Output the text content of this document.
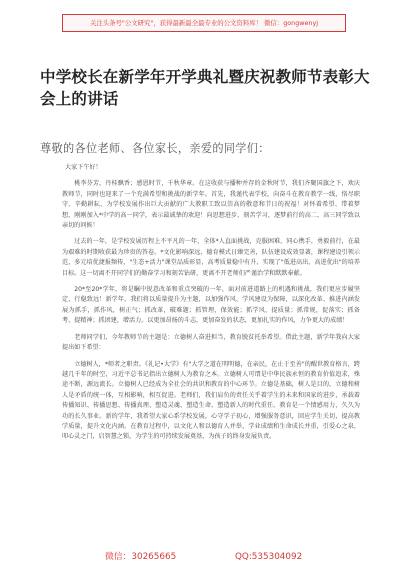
关注头条号"公文研究"，获得最新最全最专业的公文资料库！ 微信：gongwenyj
中学校长在新学年开学典礼暨庆祝教师节表彰大会上的讲话
尊敬的各位老师、各位家长，亲爱的同学们：

大家下午好！

桃李芬芳，丹桂飘香；感恩时节，千秋华章。在这收获与播种并存的金秋时节，我们齐聚国旗之下，欢庆教师节，同时也迎来了一个充满希望和挑战的新学年。首先，我谨代表学校，向奋斗在教育教学一线，恪尽职守、辛勤耕耘，为学校发展作出巨大贡献的广大教职工致以崇高的敬意和节日的祝福！对怀着希望、带着梦想，刚刚加入*中学的高一同学，表示最诚挚的欢迎！向思想进步、刻苦学习，逐梦前行的高二、高三同学致以亲切的问候！

过去的一年，是学校发展历程上不平凡的一年，全体*人直面挑战，克服困难，同心携手，勇毅前行，在最为艰难的时期收获最为珍贵的答卷。*文化影响深远，德育模式日臻完善，队伍建设成效显著，课程建设引领示范，多元培优捷报频传，"生态+活力"课堂品质彰显，高考质量稳中有升，实现了"低进高出、高进优出"的培养目标。这一切离不开同学们的勤奋学习和刻苦钻研，更离不开老师们严谨治学和默默奉献。

20*至20*学年，将是瞩中锐意改革和重点突破的一年，面对前进道路上的机遇和挑战，我们更应步履坚定，行稳致远！新学年，我们将以质量提升为主题，以加强作风、学风建设为保障，以深化改革、推进内涵发展为抓手，抓作风，树正气；抓改革，破难题；抓管理，保效能；抓学风，提质量；抓常规，促落实；抓备考，提精神；抓团建，增活力。以更加昂扬的斗志，更加奋发的状态，更加扎实的作风，力争更大的成绩！

老师同学们，今年教师节的主题是：立德树人奋进担当，教育脱贫托举希望。借此主题，新学年我向大家提出如下希望：

立德树人，*师者之职责。《礼记•大学》有"大学之道在明明德，在亲民，在止于至善"的醒世教育格言，跨越几千年的时空，习近平总书记指出立德树人为教育之本。立德树人可谓是中华民族永恒的教育价值追求，殊途不断，源远流长。立德树人已经成为全社会的共识和教育的中心环节。立德是基础，树人是目的，立德和树人是矛盾的统一体，互相影响，相互促进。老师们，我们肩负的责任关乎着学生的未来和国家的进步，承载着传播知识、传播思想、传播真理、塑造灵魂、塑造生命、塑造新人的时代重任。教育是一个情感用力，久久为功的长久事业。新的学年，我希望大家心系学校发展，心守学子初心，增强服务意识，回应学生关切，提高教学质量，提升文化内涵。在教育过程中，以文化人和以德育人并举，学业成绩和生命成长并重，引爱心之泉，叩心灵之门，启智慧之锁，为学生的可持续发展奠基，为孩子的终身发展负责。

微信：30265665	QQ:535304092
